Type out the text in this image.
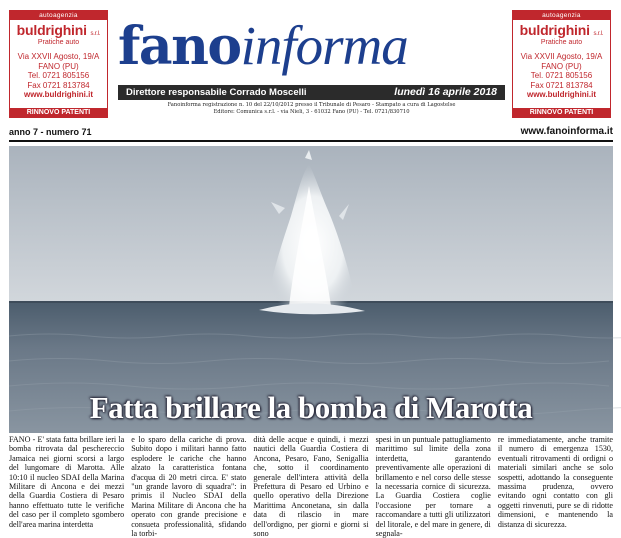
autoagenzia
buldrighini s.r.l.
Pratiche auto
Via XXVII Agosto, 19/A
FANO (PU)
Tel. 0721 805156
Fax 0721 813784
www.buldrighini.it
RINNOVO PATENTI
autoagenzia
buldrighini s.r.l.
Pratiche auto
Via XXVII Agosto, 19/A
FANO (PU)
Tel. 0721 805156
Fax 0721 813784
www.buldrighini.it
RINNOVO PATENTI
fanoinforma
Direttore responsabile Corrado Moscelli	lunedì 16 aprile 2018
Fanoinforma registrazione n. 10 del 22/10/2012 presso il Tribunale di Pesaro - Stampato a cura di Lagostelse
Editore: Comunica s.r.l. - via Nieli, 3 - 61032 Fano (PU) - Tel. 0721/830710
anno 7 - numero 71	www.fanoinforma.it
Fatta brillare la bomba di Marotta
FANO - E' stata fatta brillare ieri la bomba ritrovata dal peschereccio Jamaica nei giorni scorsi a largo del lungomare di Marotta. Alle 10:10 il nucleo SDAI della Marina Militare di Ancona e dei mezzi della Guardia Costiera di Pesaro hanno effettuato tutte le verifiche del caso per il completo sgombero dell'area marina interdetta
e lo sparo della cariche di prova. Subito dopo i militari hanno fatto esplodere le cariche che hanno alzato la caratteristica fontana d'acqua di 20 metri circa. E' stato "un grande lavoro di squadra": in primis il Nucleo SDAI della Marina Militare di Ancona che ha operato con grande precisione e consueta professionalità, sfidando la torbi-
dità delle acque e quindi, i mezzi nautici della Guardia Costiera di Ancona, Pesaro, Fano, Senigallia che, sotto il coordinamento generale dell'intera attività della Prefettura di Pesaro ed Urbino e quello operativo della Direzione Marittima Anconetana, sin dalla data di rilascio in mare dell'ordigno, per giorni e giorni si sono
spesi in un puntuale pattugliamento marittimo sul limite della zona interdetta, garantendo preventivamente alle operazioni di brillamento e nel corso delle stesse la necessaria cornice di sicurezza. La Guardia Costiera coglie l'occasione per tornare a raccomandare a tutti gli utilizzatori del litorale, e del mare in genere, di segnala-
re immediatamente, anche tramite il numero di emergenza 1530, eventuali ritrovamenti di ordigni o materiali similari anche se solo sospetti, adottando la conseguente massima prudenza, ovvero evitando ogni contatto con gli oggetti rinvenuti, pure se di ridotte dimensioni, e mantenendo la distanza di sicurezza.
